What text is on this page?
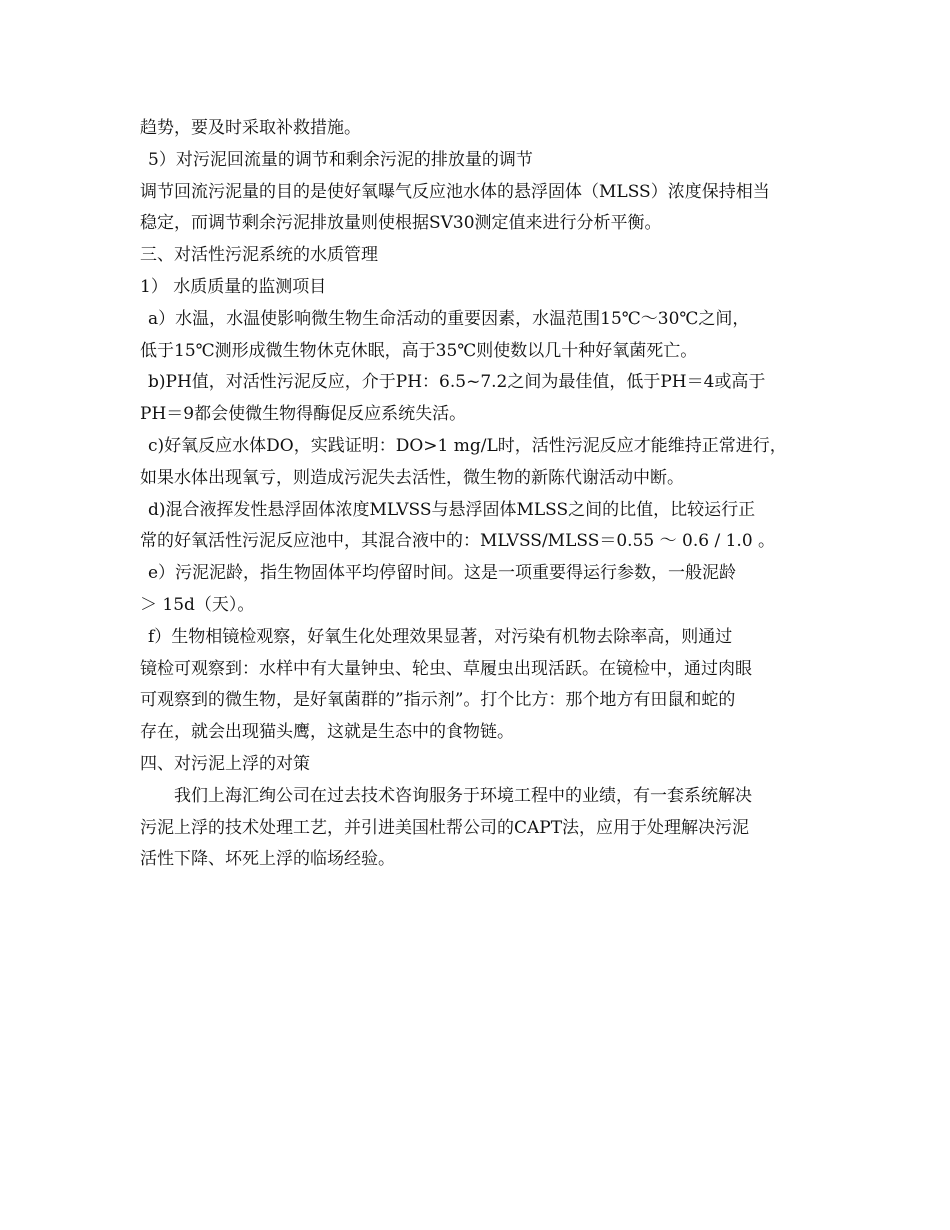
趋势，要及时采取补救措施。
5）对污泥回流量的调节和剩余污泥的排放量的调节
调节回流污泥量的目的是使好氧曝气反应池水体的悬浮固体（MLSS）浓度保持相当
稳定，而调节剩余污泥排放量则使根据SV30测定值来进行分析平衡。
三、对活性污泥系统的水质管理
1） 水质质量的监测项目
a）水温，水温使影响微生物生命活动的重要因素，水温范围15℃～30℃之间，
低于15℃测形成微生物休克休眠，高于35℃则使数以几十种好氧菌死亡。
b)PH值，对活性污泥反应，介于PH：6.5~7.2之间为最佳值，低于PH＝4或高于
PH＝9都会使微生物得酶促反应系统失活。
c)好氧反应水体DO，实践证明：DO>1 mg/L时，活性污泥反应才能维持正常进行，
如果水体出现氧亏，则造成污泥失去活性，微生物的新陈代谢活动中断。
d)混合液挥发性悬浮固体浓度MLVSS与悬浮固体MLSS之间的比值，比较运行正
常的好氧活性污泥反应池中，其混合液中的：MLVSS/MLSS＝0.55 ～ 0.6 / 1.0 。
e）污泥泥龄，指生物固体平均停留时间。这是一项重要得运行参数，一般泥龄
＞ 15d（天）。
f）生物相镜检观察，好氧生化处理效果显著，对污染有机物去除率高，则通过
镜检可观察到：水样中有大量钟虫、轮虫、草履虫出现活跃。在镜检中，通过肉眼
可观察到的微生物，是好氧菌群的”指示剂”。打个比方：那个地方有田鼠和蛇的
存在，就会出现猫头鹰，这就是生态中的食物链。
四、对污泥上浮的对策
我们上海汇绚公司在过去技术咨询服务于环境工程中的业绩，有一套系统解决
污泥上浮的技术处理工艺，并引进美国杜帮公司的CAPT法，应用于处理解决污泥
活性下降、坏死上浮的临场经验。
